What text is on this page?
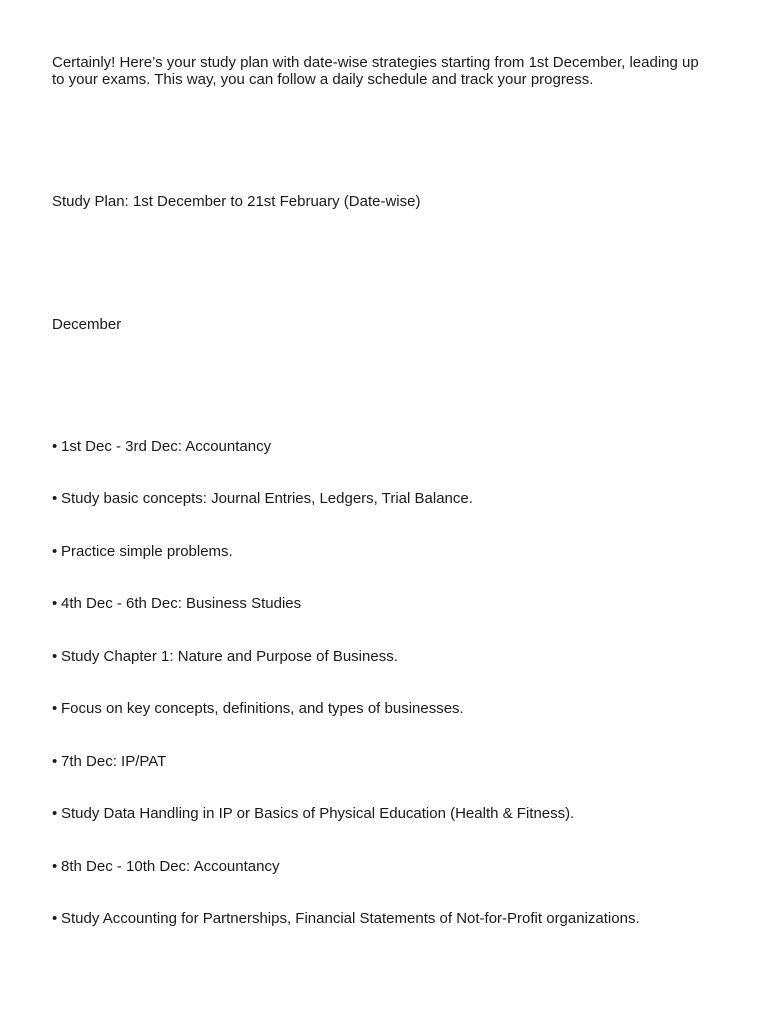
Certainly! Here’s your study plan with date-wise strategies starting from 1st December, leading up
to your exams. This way, you can follow a daily schedule and track your progress.
Study Plan: 1st December to 21st February (Date-wise)
December
• 1st Dec - 3rd Dec: Accountancy
• Study basic concepts: Journal Entries, Ledgers, Trial Balance.
• Practice simple problems.
• 4th Dec - 6th Dec: Business Studies
• Study Chapter 1: Nature and Purpose of Business.
• Focus on key concepts, definitions, and types of businesses.
• 7th Dec: IP/PAT
• Study Data Handling in IP or Basics of Physical Education (Health & Fitness).
• 8th Dec - 10th Dec: Accountancy
• Study Accounting for Partnerships, Financial Statements of Not-for-Profit organizations.
